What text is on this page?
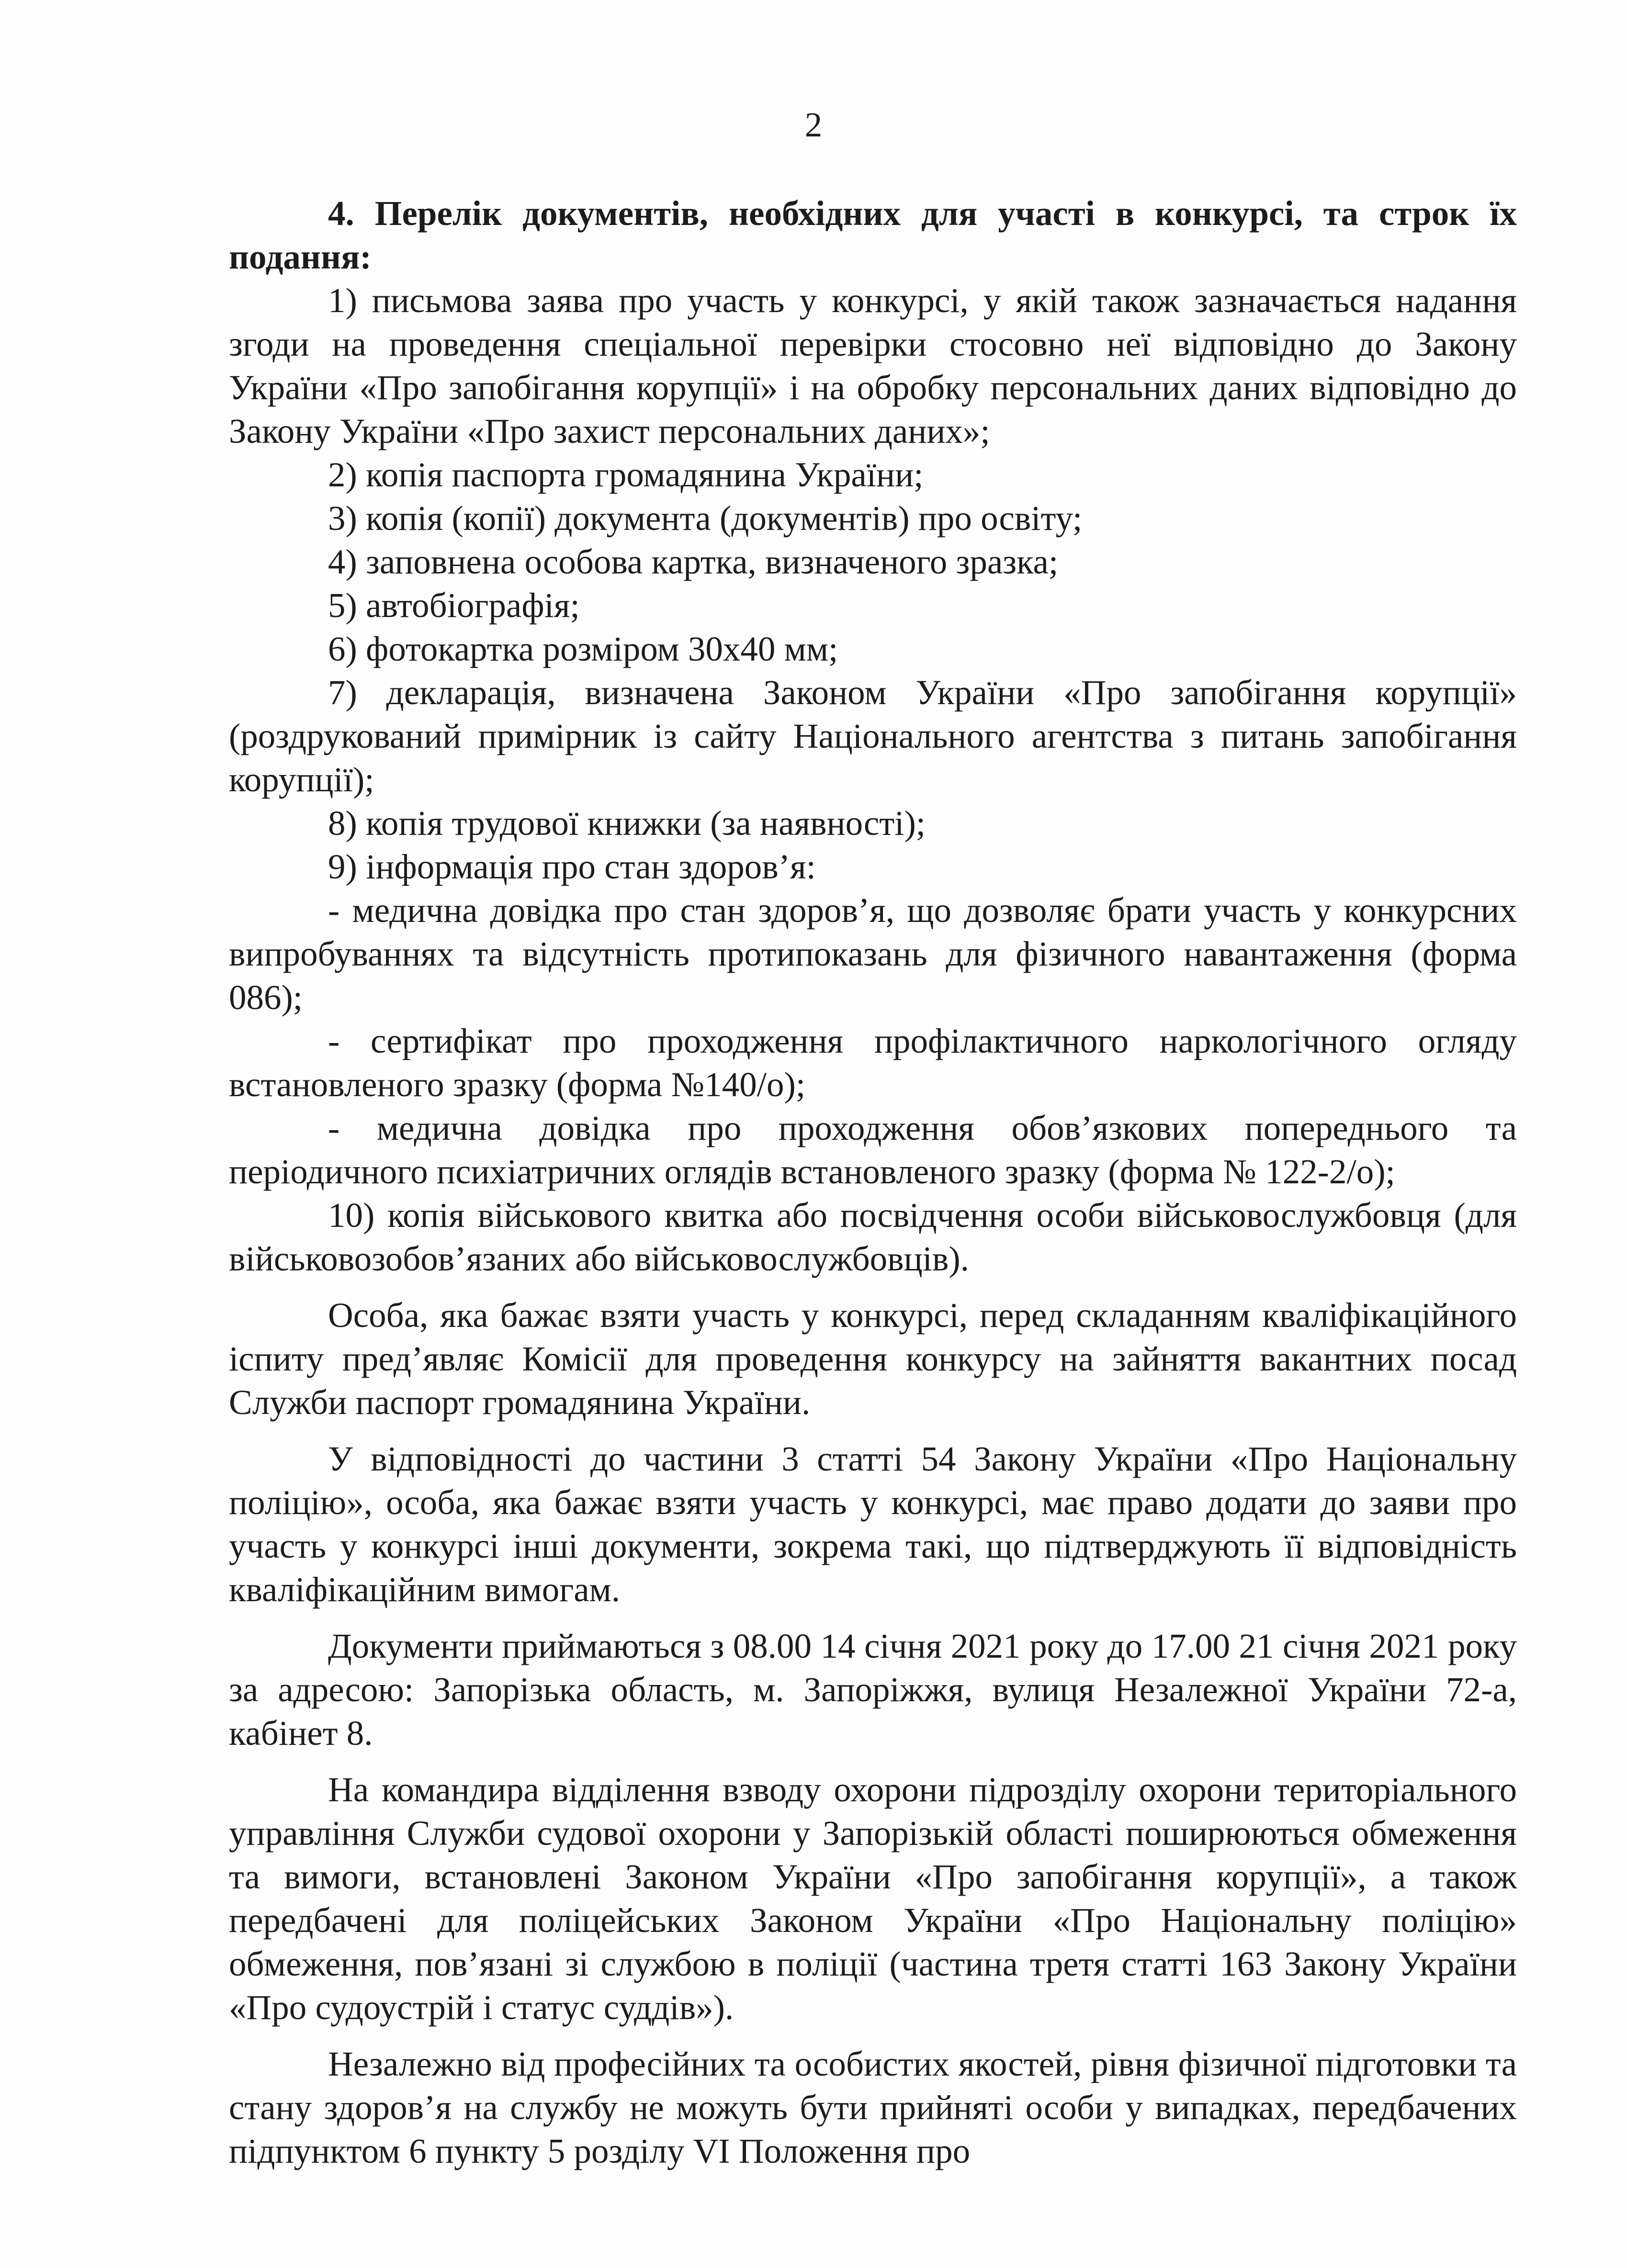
2

4. Перелік документів, необхідних для участі в конкурсі, та строк їх подання:

1) письмова заява про участь у конкурсі, у якій також зазначається надання згоди на проведення спеціальної перевірки стосовно неї відповідно до Закону України «Про запобігання корупції» і на обробку персональних даних відповідно до Закону України «Про захист персональних даних»;

2) копія паспорта громадянина України;

3) копія (копії) документа (документів) про освіту;

4) заповнена особова картка, визначеного зразка;

5) автобіографія;

6) фотокартка розміром 30х40 мм;

7) декларація, визначена Законом України «Про запобігання корупції» (роздрукований примірник із сайту Національного агентства з питань запобігання корупції);

8) копія трудової книжки (за наявності);

9) інформація про стан здоров’я:

- медична довідка про стан здоров’я, що дозволяє брати участь у конкурсних випробуваннях та відсутність протипоказань для фізичного навантаження (форма 086);

- сертифікат про проходження профілактичного наркологічного огляду встановленого зразку (форма №140/о);

- медична довідка про проходження обов’язкових попереднього та періодичного психіатричних оглядів встановленого зразку (форма № 122-2/о);

10) копія військового квитка або посвідчення особи військовослужбовця (для військовозобов’язаних або військовослужбовців).

Особа, яка бажає взяти участь у конкурсі, перед складанням кваліфікаційного іспиту пред’являє Комісії для проведення конкурсу на зайняття вакантних посад Служби паспорт громадянина України.

У відповідності до частини 3 статті 54 Закону України «Про Національну поліцію», особа, яка бажає взяти участь у конкурсі, має право додати до заяви про участь у конкурсі інші документи, зокрема такі, що підтверджують її відповідність кваліфікаційним вимогам.

Документи приймаються з 08.00 14 січня 2021 року до 17.00 21 січня 2021 року за адресою: Запорізька область, м. Запоріжжя, вулиця Незалежної України 72-а, кабінет 8.

На командира відділення взводу охорони підрозділу охорони територіального управління Служби судової охорони у Запорізькій області поширюються обмеження та вимоги, встановлені Законом України «Про запобігання корупції», а також передбачені для поліцейських Законом України «Про Національну поліцію» обмеження, пов’язані зі службою в поліції (частина третя статті 163 Закону України «Про судоустрій і статус суддів»).

Незалежно від професійних та особистих якостей, рівня фізичної підготовки та стану здоров’я на службу не можуть бути прийняті особи у випадках, передбачених підпунктом 6 пункту 5 розділу VI Положення про
